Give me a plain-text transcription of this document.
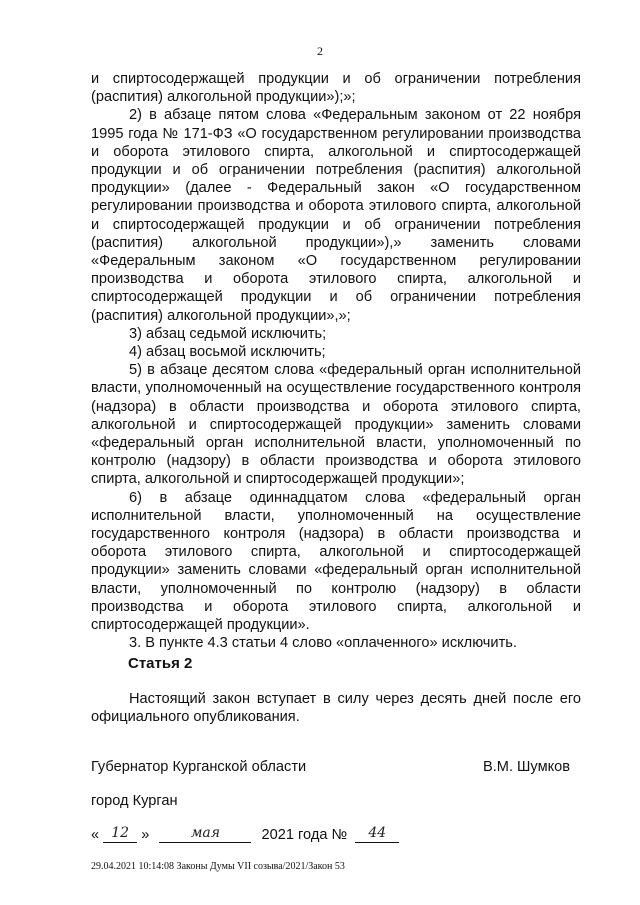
2

и спиртосодержащей продукции и об ограничении потребления (распития) алкогольной продукции»);»;

2) в абзаце пятом слова «Федеральным законом от 22 ноября 1995 года № 171-ФЗ «О государственном регулировании производства и оборота этилового спирта, алкогольной и спиртосодержащей продукции и об ограничении потребления (распития) алкогольной продукции» (далее - Федеральный закон «О государственном регулировании производства и оборота этилового спирта, алкогольной и спиртосодержащей продукции и об ограничении потребления (распития) алкогольной продукции»),» заменить словами «Федеральным законом «О государственном регулировании производства и оборота этилового спирта, алкогольной и спиртосодержащей продукции и об ограничении потребления (распития) алкогольной продукции»,»;

3) абзац седьмой исключить;

4) абзац восьмой исключить;

5) в абзаце десятом слова «федеральный орган исполнительной власти, уполномоченный на осуществление государственного контроля (надзора) в области производства и оборота этилового спирта, алкогольной и спиртосодержащей продукции» заменить словами «федеральный орган исполнительной власти, уполномоченный по контролю (надзору) в области производства и оборота этилового спирта, алкогольной и спиртосодержащей продукции»;

6) в абзаце одиннадцатом слова «федеральный орган исполнительной власти, уполномоченный на осуществление государственного контроля (надзора) в области производства и оборота этилового спирта, алкогольной и спиртосодержащей продукции» заменить словами «федеральный орган исполнительной власти, уполномоченный по контролю (надзору) в области производства и оборота этилового спирта, алкогольной и спиртосодержащей продукции».

3. В пункте 4.3 статьи 4 слово «оплаченного» исключить.

Статья 2
Настоящий закон вступает в силу через десять дней после его официального опубликования.
Губернатор Курганской области	В.М. Шумков
город Курган
« 12 »	мая	2021 года № 44
29.04.2021 10:14:08 Законы Думы VII созыва/2021/Закон 53
